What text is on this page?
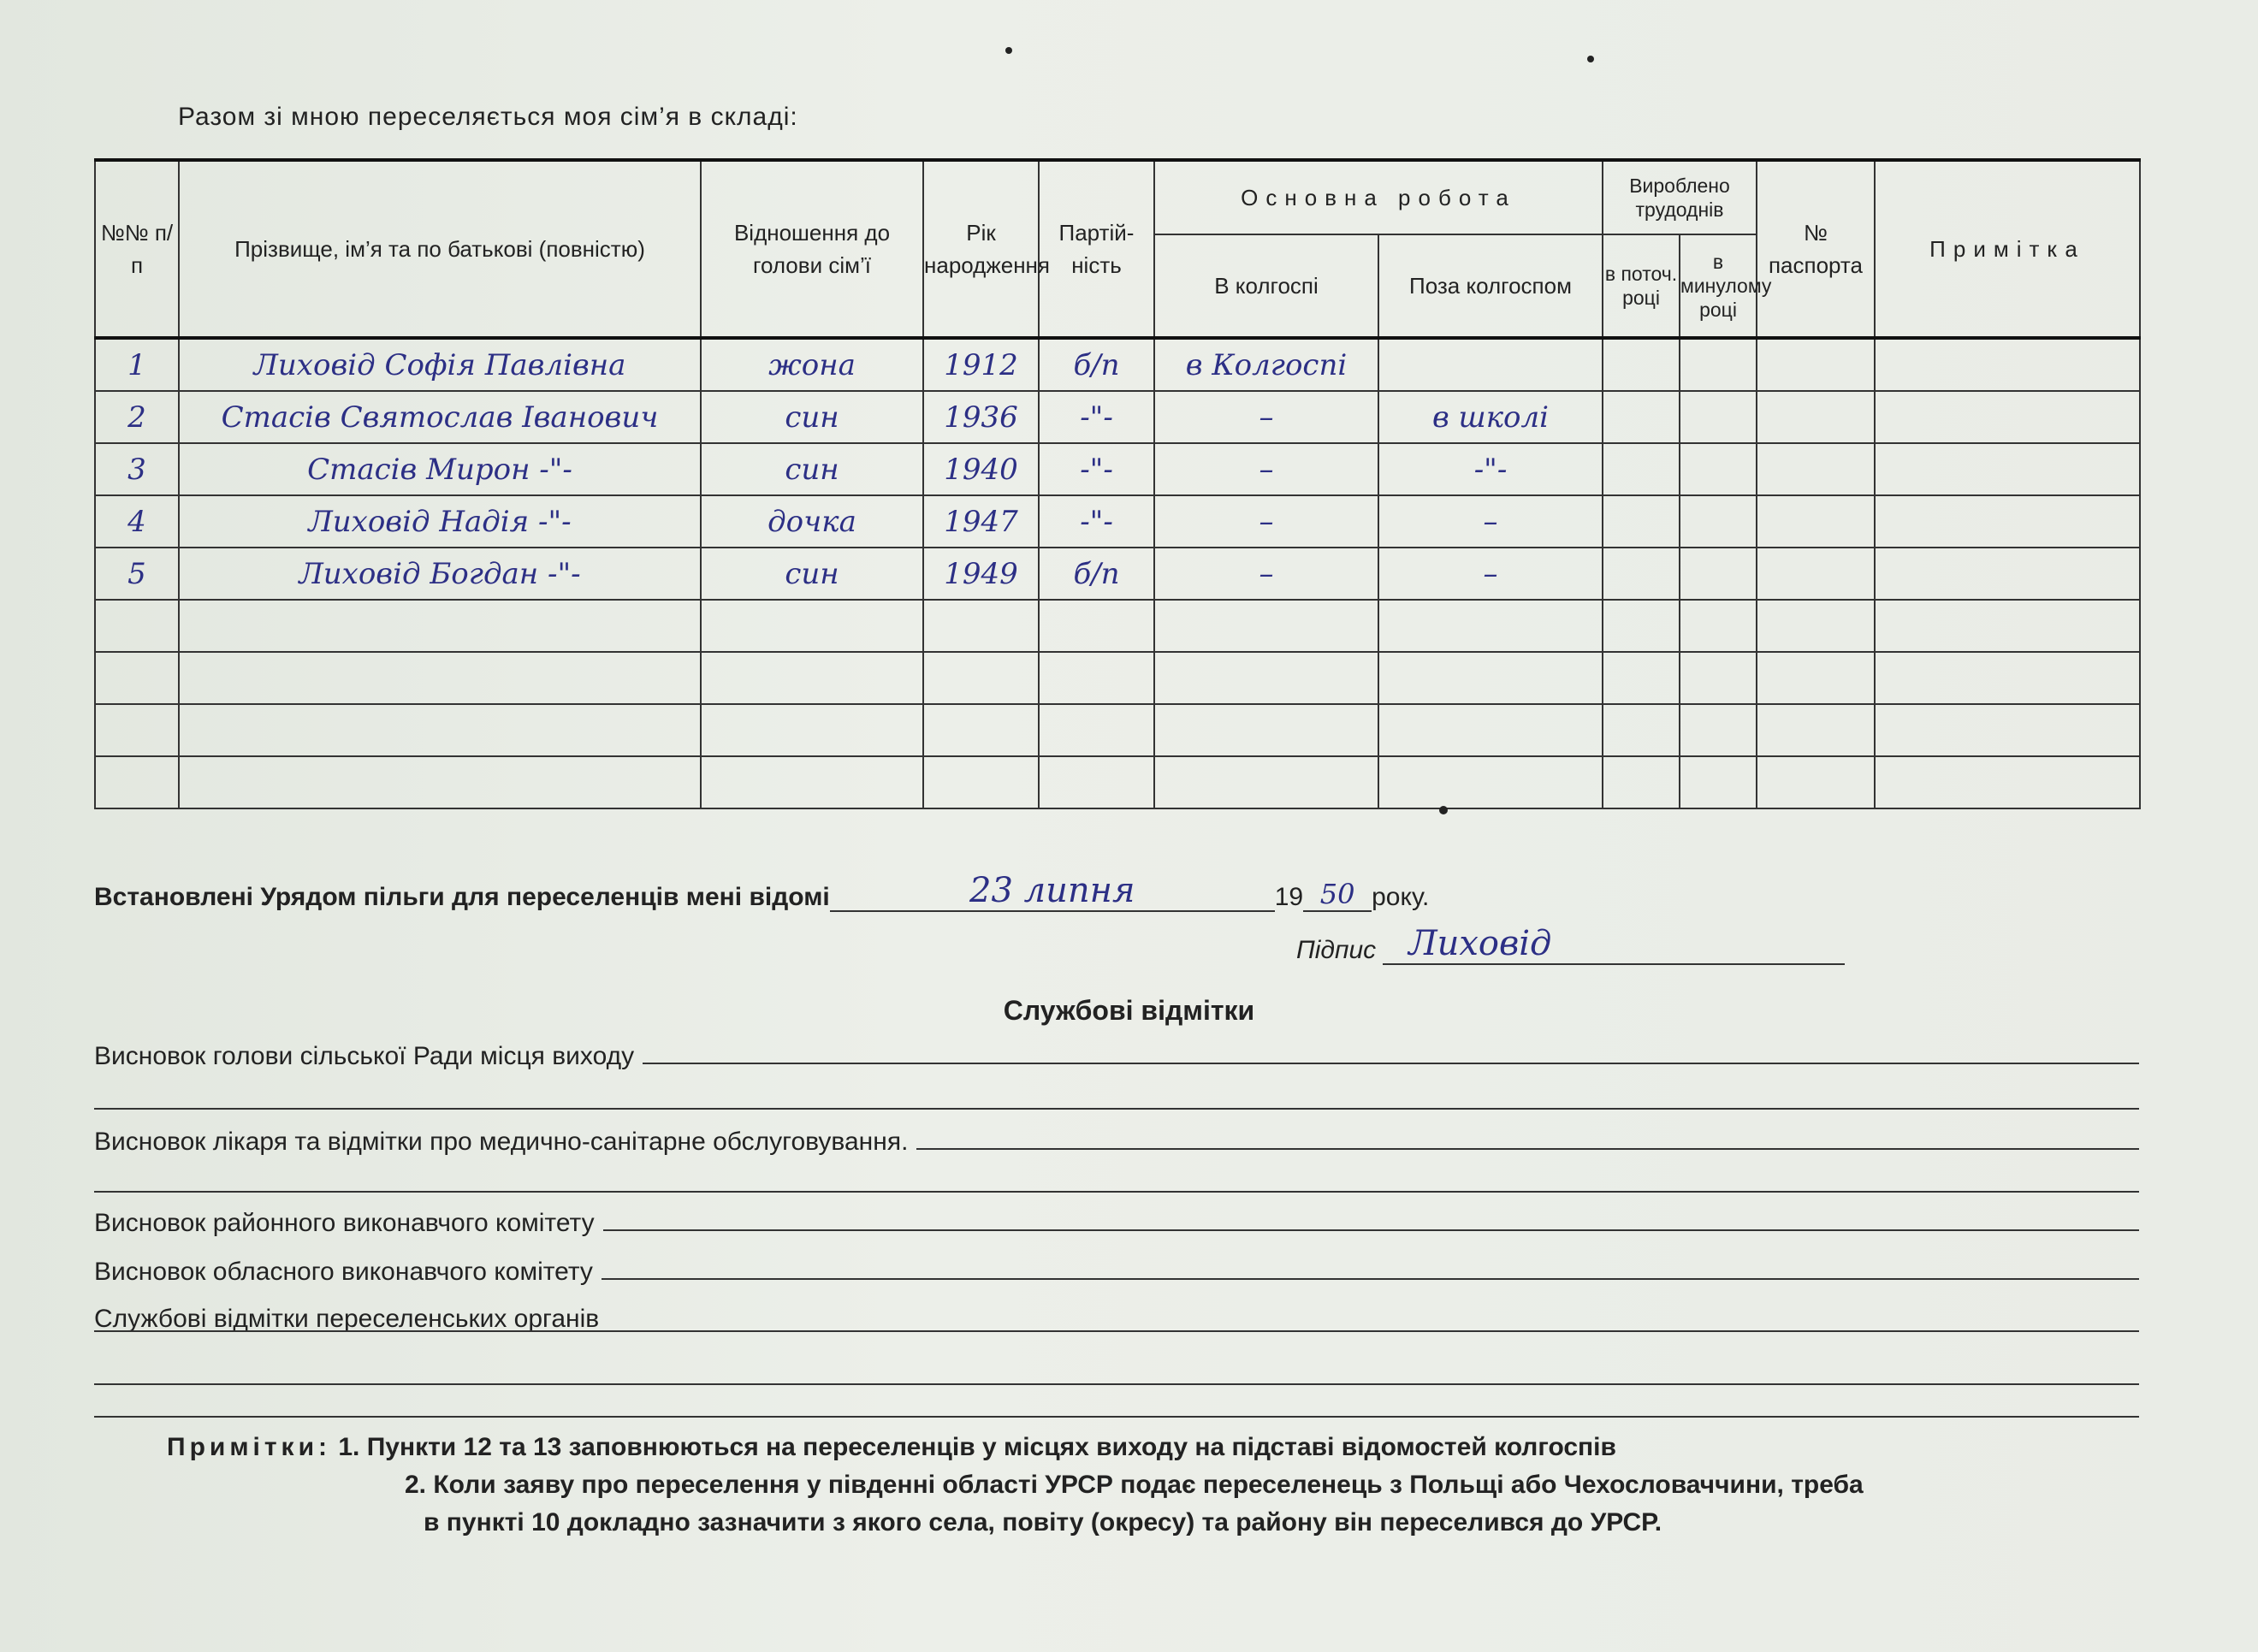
Разом зі мною переселяється моя сім’я в складі:
№№ п/п	Прізвище, ім’я та по батькові (повністю)	Відношення до голови сім’ї	Рік народження	Партійність	Основна робота		Вироблено трудоднів		№ паспорта	Примітка
					В колгоспі	Поза колгоспом	в поточ. році	в минулому році		
1	Лиховід Софія Павлівна	жона	1912	б/п	в Колгоспі					
2	Стасів Святослав Іванович	син	1936	-"-	–	в школі				
3	Стасів Мирон -"-	син	1940	-"-	–	-"-				
4	Лиховід Надія -"-	дочка	1947	-"-	–	–				
5	Лиховід Богдан -"-	син	1949	б/п	–	–				

Встановлені Урядом пільги для переселенців мені відомі	23 липня	19 50 року.
Підпис Лиховід
Службові відмітки
Висновок голови сільської Ради місця виходу
Висновок лікаря та відмітки про медично-санітарне обслуговування.
Висновок районного виконавчого комітету
Висновок обласного виконавчого комітету
Службові відмітки переселенських органів
Примітки: 1. Пункти 12 та 13 заповнюються на переселенців у місцях виходу на підставі відомостей колгоспів
2. Коли заяву про переселення у південні області УРСР подає переселенець з Польщі або Чехословаччини, треба
в пункті 10 докладно зазначити з якого села, повіту (окресу) та району він переселився до УРСР.
